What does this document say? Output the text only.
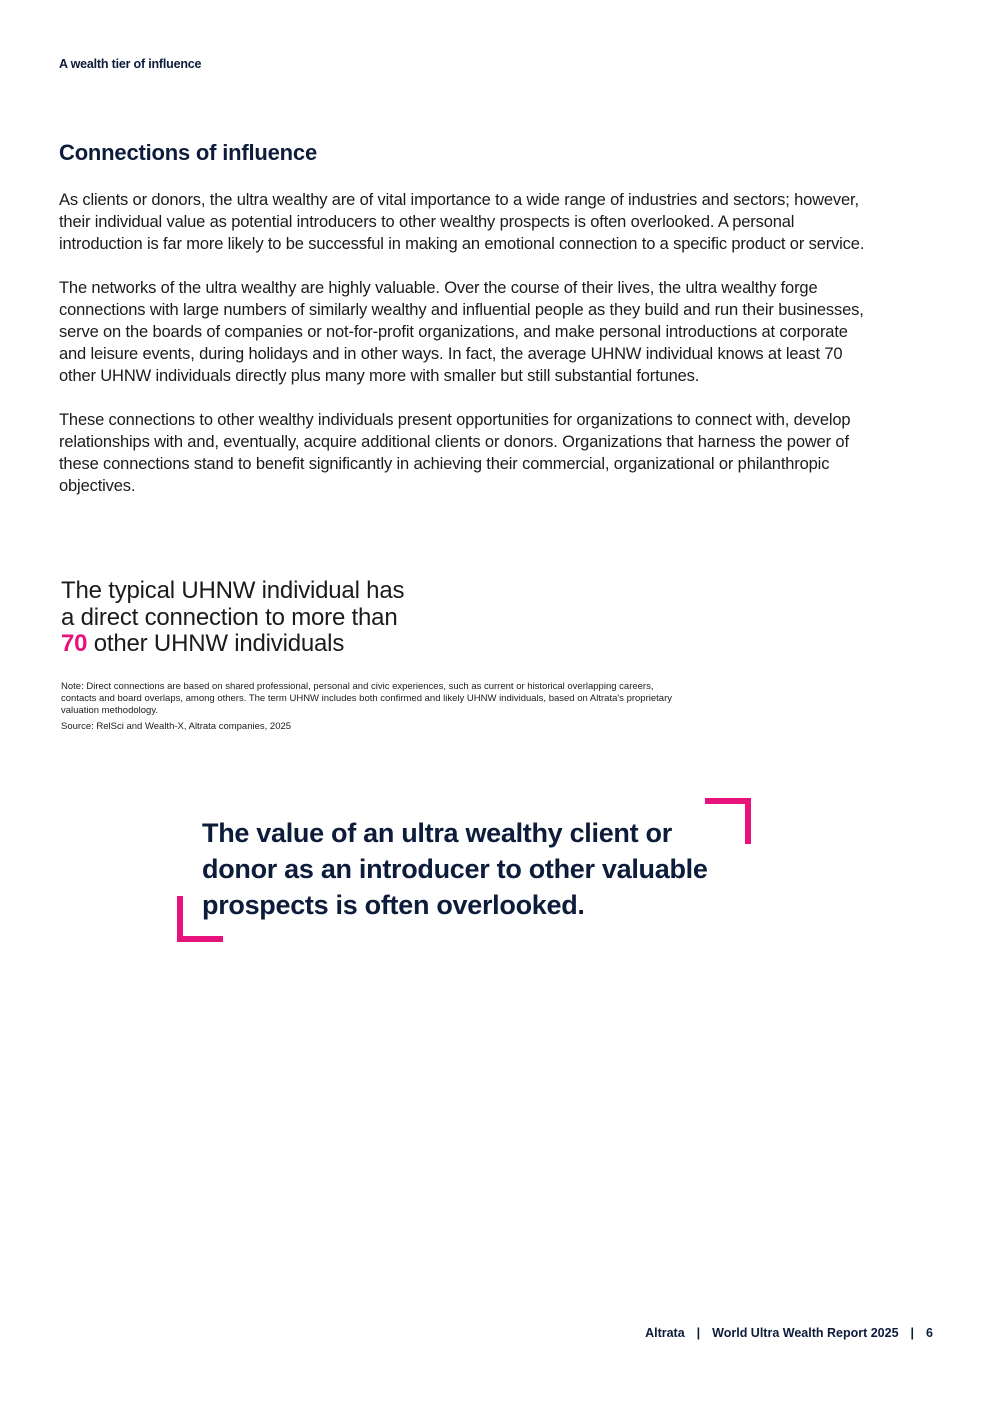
A wealth tier of influence
Connections of influence

As clients or donors, the ultra wealthy are of vital importance to a wide range of industries and sectors; however, their individual value as potential introducers to other wealthy prospects is often overlooked. A personal introduction is far more likely to be successful in making an emotional connection to a specific product or service.

The networks of the ultra wealthy are highly valuable. Over the course of their lives, the ultra wealthy forge connections with large numbers of similarly wealthy and influential people as they build and run their businesses, serve on the boards of companies or not-for-profit organizations, and make personal introductions at corporate and leisure events, during holidays and in other ways. In fact, the average UHNW individual knows at least 70 other UHNW individuals directly plus many more with smaller but still substantial fortunes.

These connections to other wealthy individuals present opportunities for organizations to connect with, develop relationships with and, eventually, acquire additional clients or donors. Organizations that harness the power of these connections stand to benefit significantly in achieving their commercial, organizational or philanthropic objectives.

The typical UHNW individual has
a direct connection to more than
70 other UHNW individuals

Note: Direct connections are based on shared professional, personal and civic experiences, such as current or historical overlapping careers, contacts and board overlaps, among others. The term UHNW includes both confirmed and likely UHNW individuals, based on Altrata's proprietary valuation methodology.

Source: RelSci and Wealth-X, Altrata companies, 2025

The value of an ultra wealthy client or donor as an introducer to other valuable prospects is often overlooked.

Altrata | World Ultra Wealth Report 2025 | 6
